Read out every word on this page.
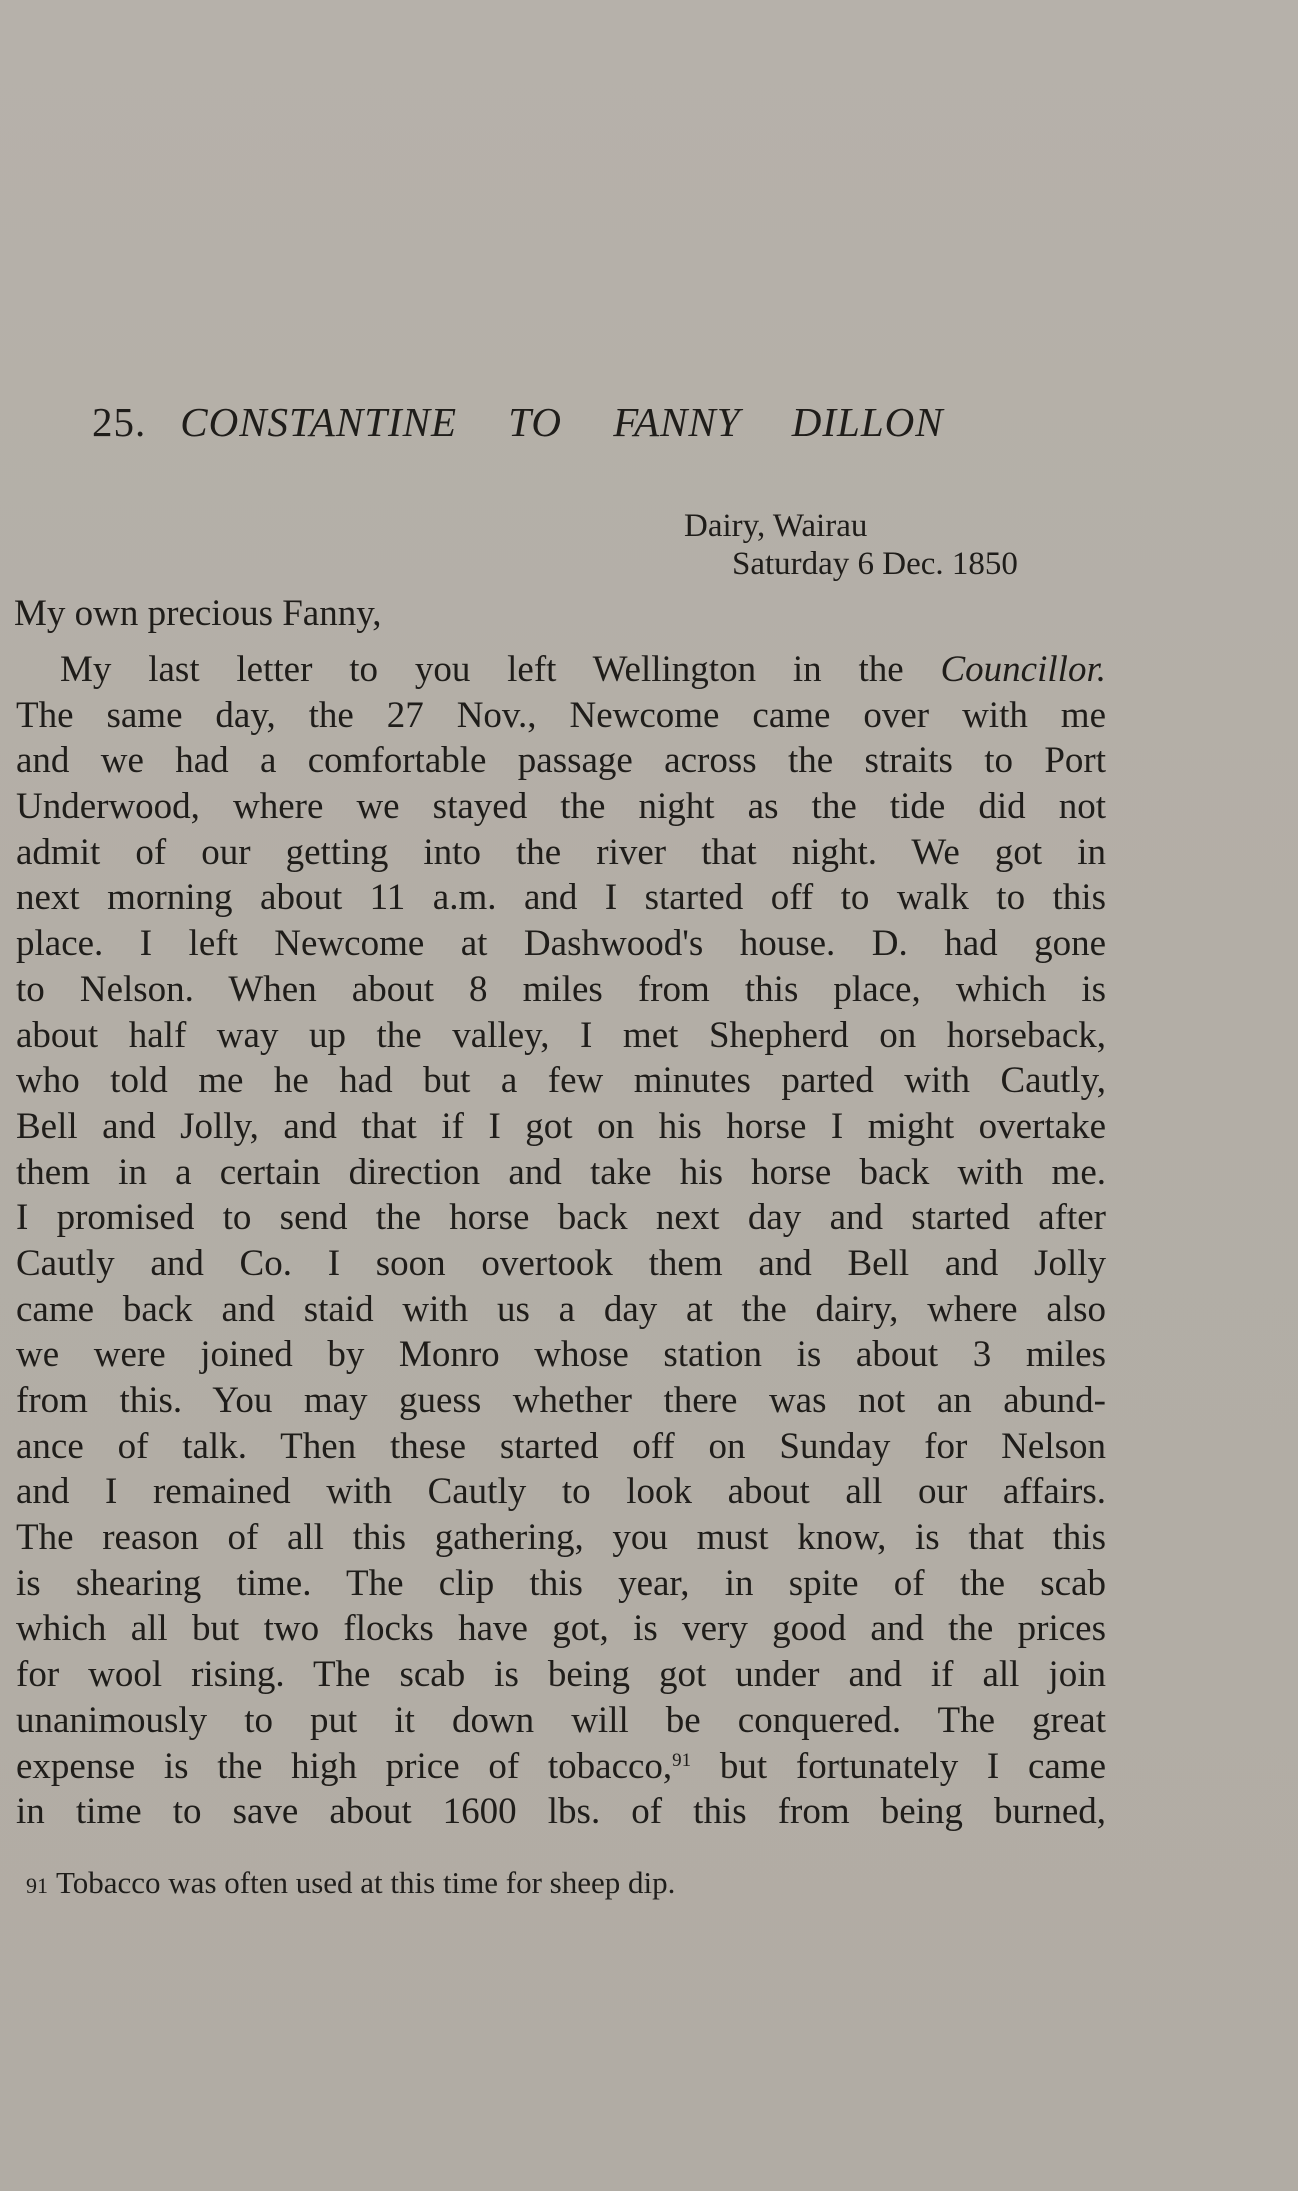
25. CONSTANTINE TO FANNY DILLON
Dairy, Wairau
Saturday 6 Dec. 1850
My own precious Fanny,
My last letter to you left Wellington in the Councillor.
The same day, the 27 Nov., Newcome came over with me
and we had a comfortable passage across the straits to Port
Underwood, where we stayed the night as the tide did not
admit of our getting into the river that night. We got in
next morning about 11 a.m. and I started off to walk to this
place. I left Newcome at Dashwood's house. D. had gone
to Nelson. When about 8 miles from this place, which is
about half way up the valley, I met Shepherd on horseback,
who told me he had but a few minutes parted with Cautly,
Bell and Jolly, and that if I got on his horse I might overtake
them in a certain direction and take his horse back with me.
I promised to send the horse back next day and started after
Cautly and Co. I soon overtook them and Bell and Jolly
came back and staid with us a day at the dairy, where also
we were joined by Monro whose station is about 3 miles
from this. You may guess whether there was not an abund-
ance of talk. Then these started off on Sunday for Nelson
and I remained with Cautly to look about all our affairs.
The reason of all this gathering, you must know, is that this
is shearing time. The clip this year, in spite of the scab
which all but two flocks have got, is very good and the prices
for wool rising. The scab is being got under and if all join
unanimously to put it down will be conquered. The great
expense is the high price of tobacco,$^{91}$ but fortunately I came
in time to save about 1600 lbs. of this from being burned,
91 Tobacco was often used at this time for sheep dip.
